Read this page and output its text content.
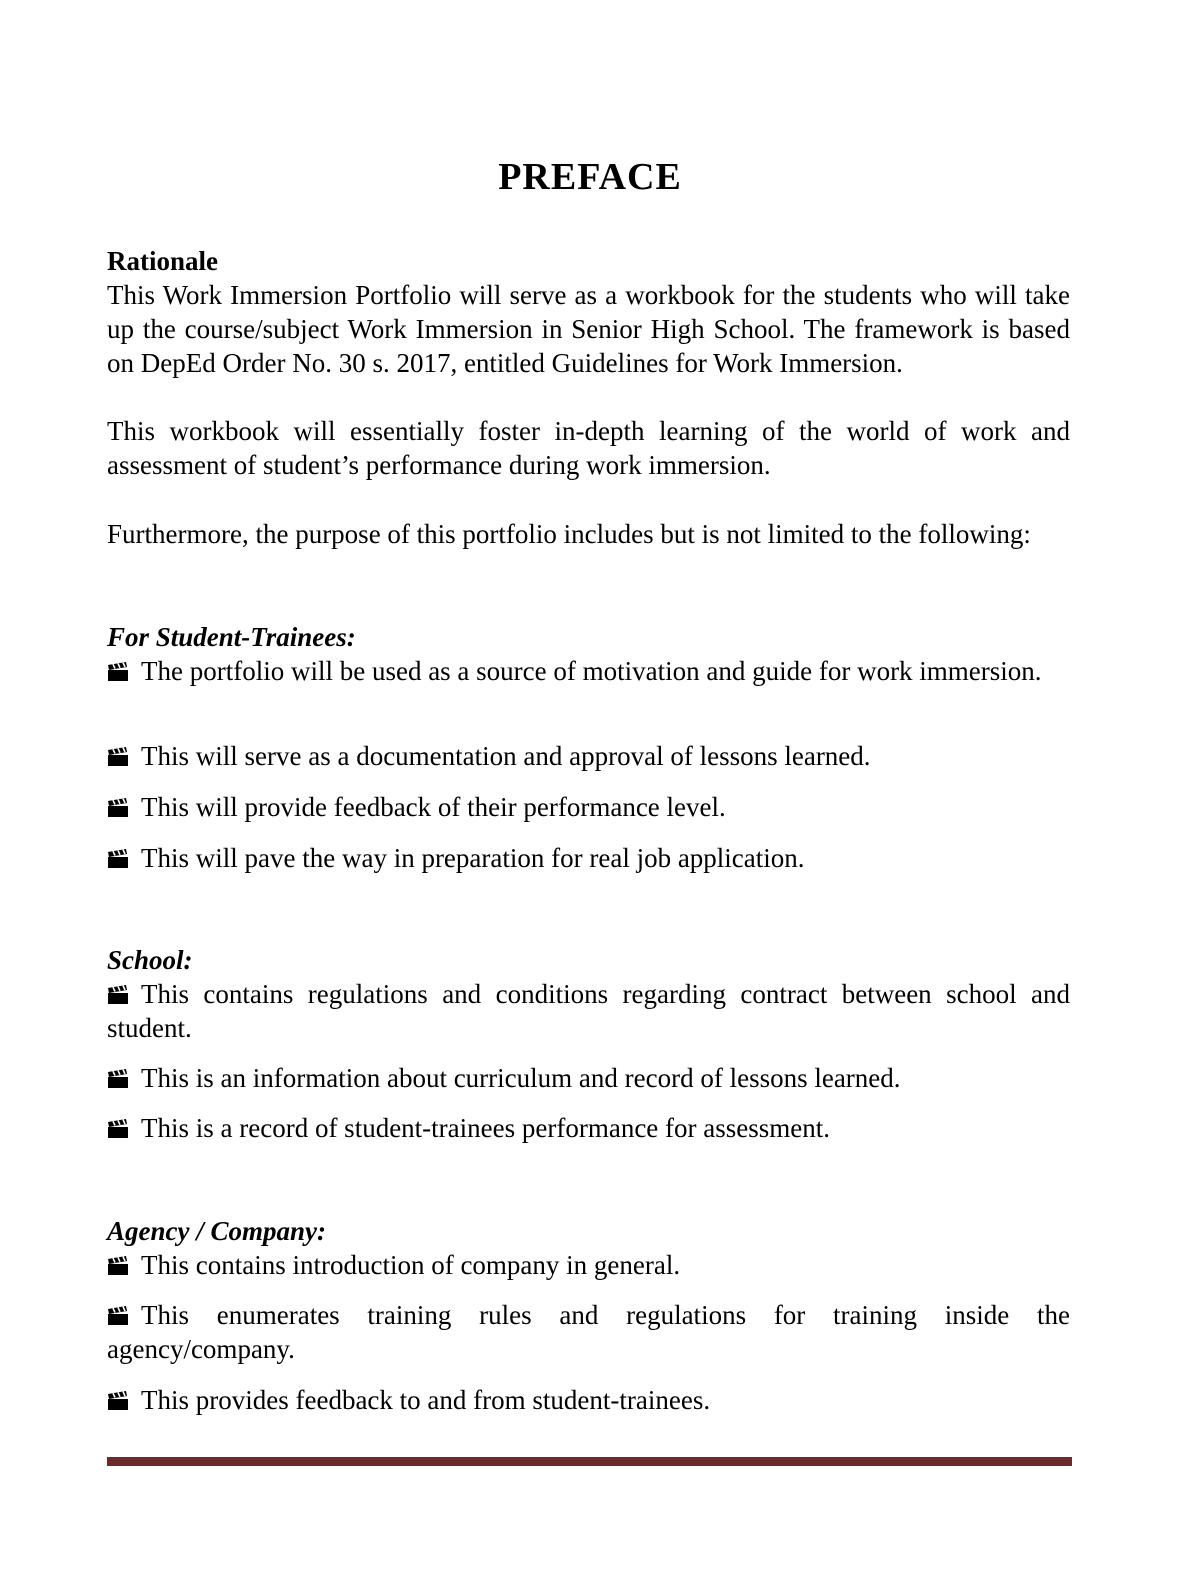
PREFACE
Rationale
This Work Immersion Portfolio will serve as a workbook for the students who will take up the course/subject Work Immersion in Senior High School. The framework is based on DepEd Order No. 30 s. 2017, entitled Guidelines for Work Immersion.
This workbook will essentially foster in-depth learning of the world of work and assessment of student’s performance during work immersion.
Furthermore, the purpose of this portfolio includes but is not limited to the following:
For Student-Trainees:
The portfolio will be used as a source of motivation and guide for work immersion.
This will serve as a documentation and approval of lessons learned.
This will provide feedback of their performance level.
This will pave the way in preparation for real job application.
School:
This contains regulations and conditions regarding contract between school and student.
This is an information about curriculum and record of lessons learned.
This is a record of student-trainees performance for assessment.
Agency / Company:
This contains introduction of company in general.
This enumerates training rules and regulations for training inside the agency/company.
This provides feedback to and from student-trainees.
